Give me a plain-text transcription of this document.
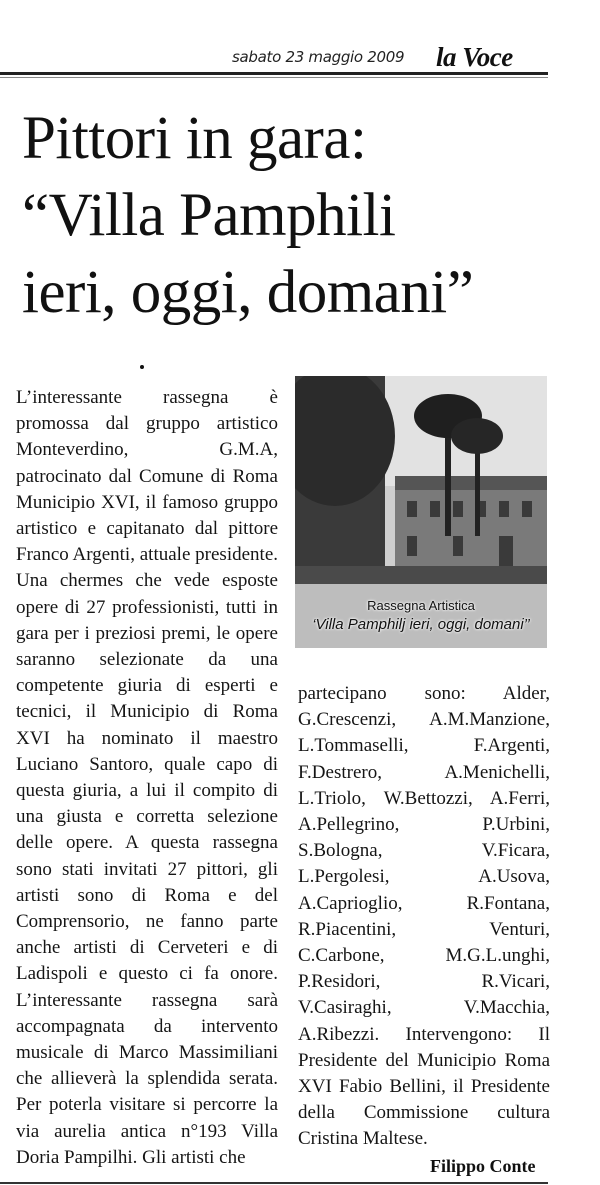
sabato 23 maggio 2009 la Voce
Pittori in gara:
“Villa Pamphili
ieri, oggi, domani”
L’interessante rassegna è promossa dal gruppo artistico Monteverdino, G.M.A, patrocinato dal Comune di Roma Municipio XVI, il famoso gruppo artistico e capitanato dal pittore Franco Argenti, attuale presidente. Una chermes che vede esposte opere di 27 professionisti, tutti in gara per i preziosi premi, le opere saranno selezionate da una competente giuria di esperti e tecnici, il Municipio di Roma XVI ha nominato il maestro Luciano Santoro, quale capo di questa giuria, a lui il compito di una giusta e corretta selezione delle opere. A questa rassegna sono stati invitati 27 pittori, gli artisti sono di Roma e del Comprensorio, ne fanno parte anche artisti di Cerveteri e di Ladispoli e questo ci fa onore. L’interessante rassegna sarà accompagnata da intervento musicale di Marco Massimiliani che allieverà la splendida serata. Per poterla visitare si percorre la via aurelia antica n°193 Villa Doria Pampilhi. Gli artisti che
Rassegna Artistica
‘Villa Pamphilj ieri, oggi, domani’’
partecipano sono: Alder, G.Crescenzi, A.M.Manzione, L.Tommaselli, F.Argenti, F.Destrero, A.Menichelli, L.Triolo, W.Bettozzi, A.Ferri, A.Pellegrino, P.Urbini, S.Bologna, V.Ficara, L.Pergolesi, A.Usova, A.Caprioglio, R.Fontana, R.Piacentini, Venturi, C.Carbone, M.G.L.unghi, P.Residori, R.Vicari, V.Casiraghi, V.Macchia, A.Ribezzi. Intervengono: Il Presidente del Municipio Roma XVI Fabio Bellini, il Presidente della Commissione cultura Cristina Maltese.
Filippo Conte
